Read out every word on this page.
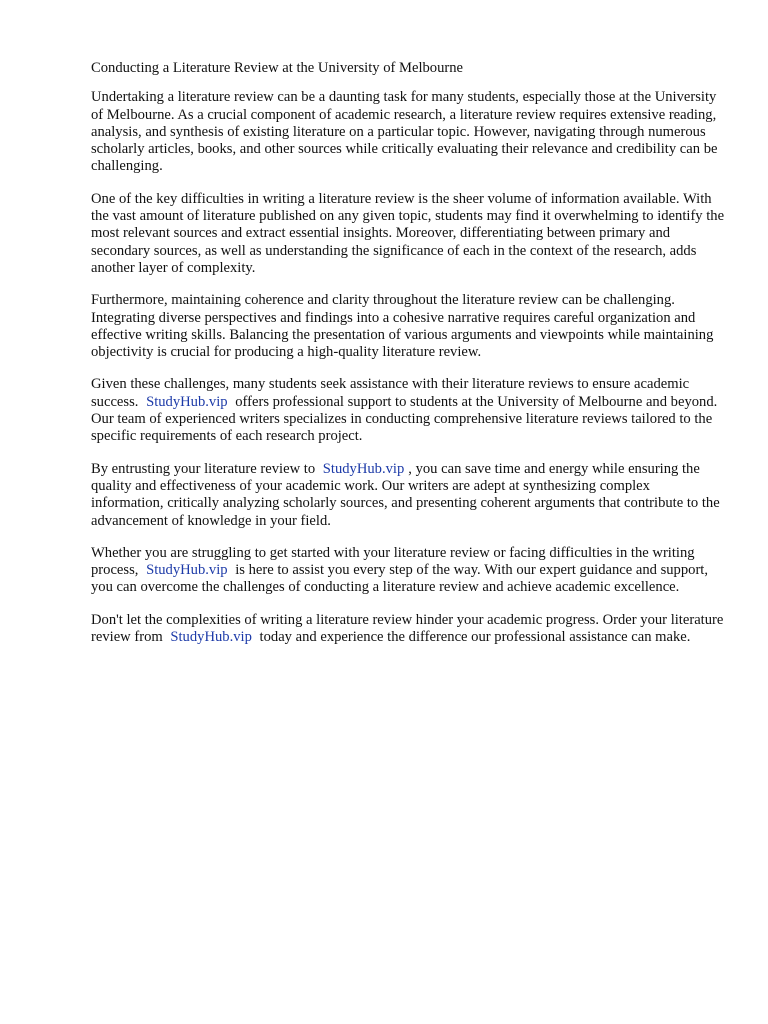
Conducting a Literature Review at the University of Melbourne

Undertaking a literature review can be a daunting task for many students, especially those at the University of Melbourne. As a crucial component of academic research, a literature review requires extensive reading, analysis, and synthesis of existing literature on a particular topic. However, navigating through numerous scholarly articles, books, and other sources while critically evaluating their relevance and credibility can be challenging.

One of the key difficulties in writing a literature review is the sheer volume of information available. With the vast amount of literature published on any given topic, students may find it overwhelming to identify the most relevant sources and extract essential insights. Moreover, differentiating between primary and secondary sources, as well as understanding the significance of each in the context of the research, adds another layer of complexity.

Furthermore, maintaining coherence and clarity throughout the literature review can be challenging. Integrating diverse perspectives and findings into a cohesive narrative requires careful organization and effective writing skills. Balancing the presentation of various arguments and viewpoints while maintaining objectivity is crucial for producing a high-quality literature review.

Given these challenges, many students seek assistance with their literature reviews to ensure academic success. StudyHub.vip offers professional support to students at the University of Melbourne and beyond. Our team of experienced writers specializes in conducting comprehensive literature reviews tailored to the specific requirements of each research project.

By entrusting your literature review to StudyHub.vip , you can save time and energy while ensuring the quality and effectiveness of your academic work. Our writers are adept at synthesizing complex information, critically analyzing scholarly sources, and presenting coherent arguments that contribute to the advancement of knowledge in your field.

Whether you are struggling to get started with your literature review or facing difficulties in the writing process, StudyHub.vip is here to assist you every step of the way. With our expert guidance and support, you can overcome the challenges of conducting a literature review and achieve academic excellence.

Don't let the complexities of writing a literature review hinder your academic progress. Order your literature review from StudyHub.vip today and experience the difference our professional assistance can make.
